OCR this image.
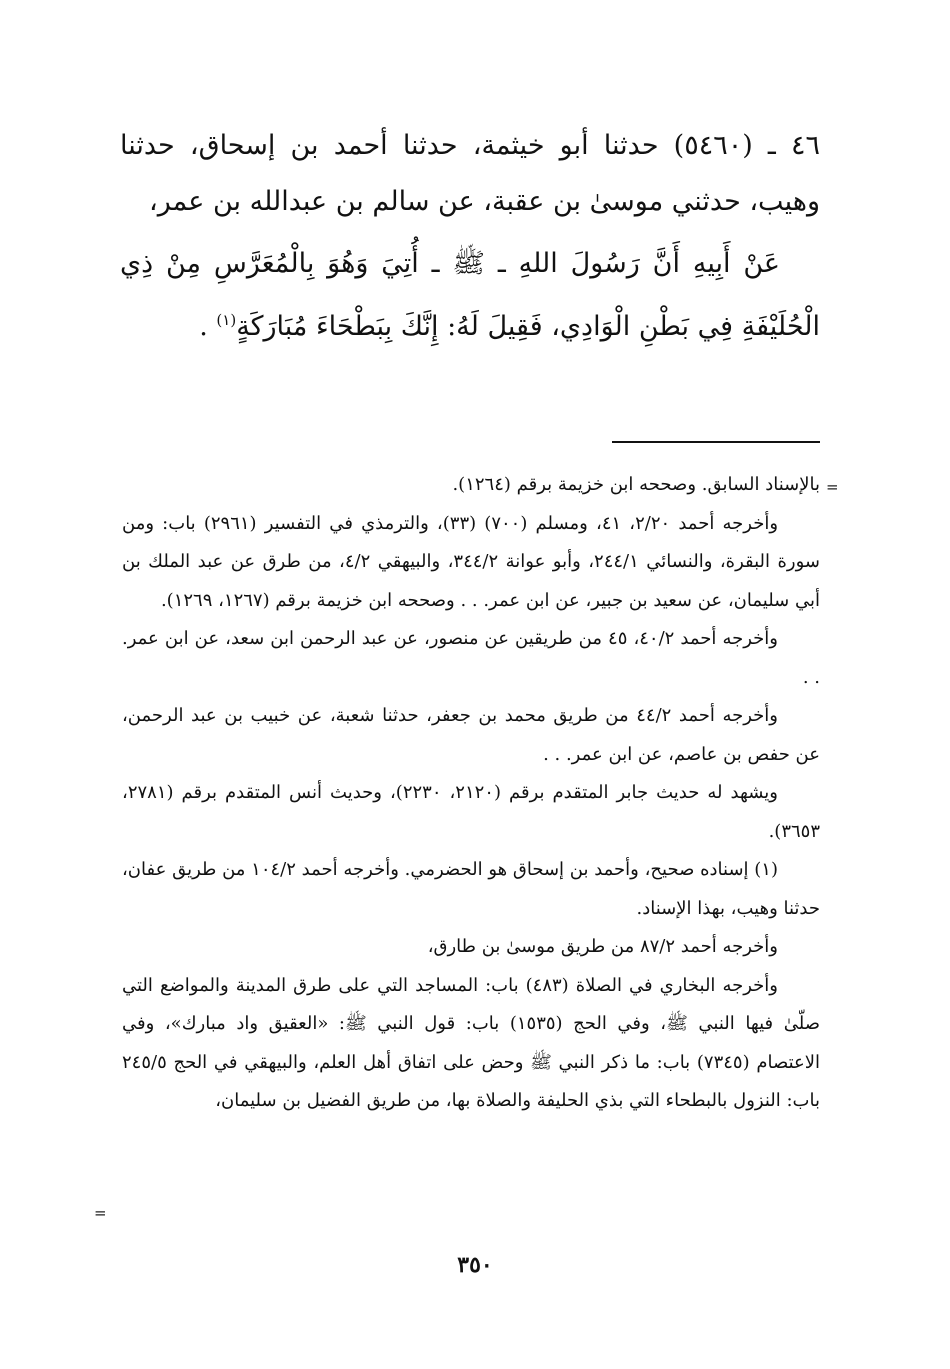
٤٦ ـ (٥٤٦٠) حدثنا أبو خيثمة، حدثنا أحمد بن إسحاق، حدثنا وهيب، حدثني موسىٰ بن عقبة، عن سالم بن عبدالله بن عمر،

عَنْ أَبِيهِ أَنَّ رَسُولَ اللهِ ـ ﷺ ـ أُتِيَ وَهُوَ بِالْمُعَرَّسِ مِنْ ذِي الْحُلَيْفَةِ فِي بَطْنِ الْوَادِي، فَقِيلَ لَهُ: إِنَّكَ بِبَطْحَاءَ مُبَارَكَةٍ$^{(١)}$ .

=

بالإسناد السابق. وصححه ابن خزيمة برقم (١٢٦٤).

وأخرجه أحمد ٢/٢٠، ٤١، ومسلم (٧٠٠) (٣٣)، والترمذي في التفسير (٢٩٦١) باب: ومن سورة البقرة، والنسائي ٢٤٤/١، وأبو عوانة ٣٤٤/٢، والبيهقي ٤/٢، من طرق عن عبد الملك بن أبي سليمان، عن سعيد بن جبير، عن ابن عمر. . . وصححه ابن خزيمة برقم (١٢٦٧، ١٢٦٩).

وأخرجه أحمد ٤٠/٢، ٤٥ من طريقين عن منصور، عن عبد الرحمن ابن سعد، عن ابن عمر. . .

وأخرجه أحمد ٤٤/٢ من طريق محمد بن جعفر، حدثنا شعبة، عن خبيب بن عبد الرحمن، عن حفص بن عاصم، عن ابن عمر. . .

ويشهد له حديث جابر المتقدم برقم (٢١٢٠، ٢٢٣٠)، وحديث أنس المتقدم برقم (٢٧٨١، ٣٦٥٣).

(١) إسناده صحيح، وأحمد بن إسحاق هو الحضرمي. وأخرجه أحمد ١٠٤/٢ من طريق عفان، حدثنا وهيب، بهذا الإسناد.

وأخرجه أحمد ٨٧/٢ من طريق موسىٰ بن طارق،

وأخرجه البخاري في الصلاة (٤٨٣) باب: المساجد التي على طرق المدينة والمواضع التي صلّىٰ فيها النبي ﷺ، وفي الحج (١٥٣٥) باب: قول النبي ﷺ: «العقيق واد مبارك»، وفي الاعتصام (٧٣٤٥) باب: ما ذكر النبي ﷺ وحض على اتفاق أهل العلم، والبيهقي في الحج ٢٤٥/٥ باب: النزول بالبطحاء التي بذي الحليفة والصلاة بها، من طريق الفضيل بن سليمان،

=
٣٥٠
